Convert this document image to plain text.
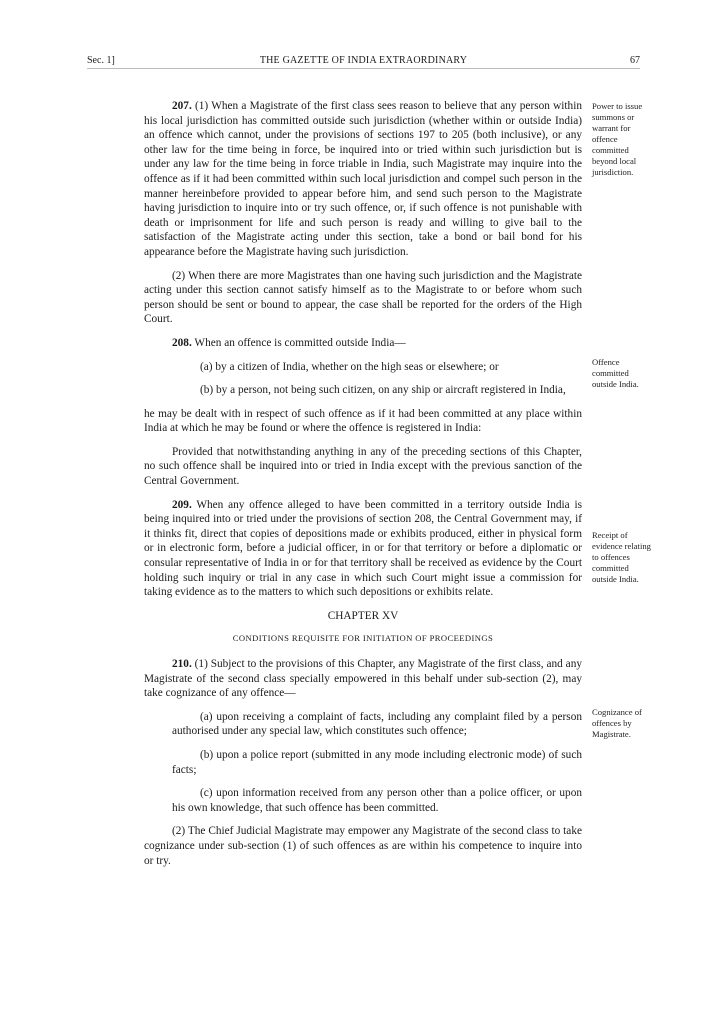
Sec. 1]	THE GAZETTE OF INDIA EXTRAORDINARY	67

207. (1) When a Magistrate of the first class sees reason to believe that any person within his local jurisdiction has committed outside such jurisdiction (whether within or outside India) an offence which cannot, under the provisions of sections 197 to 205 (both inclusive), or any other law for the time being in force, be inquired into or tried within such jurisdiction but is under any law for the time being in force triable in India, such Magistrate may inquire into the offence as if it had been committed within such local jurisdiction and compel such person in the manner hereinbefore provided to appear before him, and send such person to the Magistrate having jurisdiction to inquire into or try such offence, or, if such offence is not punishable with death or imprisonment for life and such person is ready and willing to give bail to the satisfaction of the Magistrate acting under this section, take a bond or bail bond for his appearance before the Magistrate having such jurisdiction.

(2) When there are more Magistrates than one having such jurisdiction and the Magistrate acting under this section cannot satisfy himself as to the Magistrate to or before whom such person should be sent or bound to appear, the case shall be reported for the orders of the High Court.

208. When an offence is committed outside India—

(a) by a citizen of India, whether on the high seas or elsewhere; or

(b) by a person, not being such citizen, on any ship or aircraft registered in India,

he may be dealt with in respect of such offence as if it had been committed at any place within India at which he may be found or where the offence is registered in India:

Provided that notwithstanding anything in any of the preceding sections of this Chapter, no such offence shall be inquired into or tried in India except with the previous sanction of the Central Government.

209. When any offence alleged to have been committed in a territory outside India is being inquired into or tried under the provisions of section 208, the Central Government may, if it thinks fit, direct that copies of depositions made or exhibits produced, either in physical form or in electronic form, before a judicial officer, in or for that territory or before a diplomatic or consular representative of India in or for that territory shall be received as evidence by the Court holding such inquiry or trial in any case in which such Court might issue a commission for taking evidence as to the matters to which such depositions or exhibits relate.

CHAPTER XV
CONDITIONS REQUISITE FOR INITIATION OF PROCEEDINGS

210. (1) Subject to the provisions of this Chapter, any Magistrate of the first class, and any Magistrate of the second class specially empowered in this behalf under sub-section (2), may take cognizance of any offence—

(a) upon receiving a complaint of facts, including any complaint filed by a person authorised under any special law, which constitutes such offence;

(b) upon a police report (submitted in any mode including electronic mode) of such facts;

(c) upon information received from any person other than a police officer, or upon his own knowledge, that such offence has been committed.

(2) The Chief Judicial Magistrate may empower any Magistrate of the second class to take cognizance under sub-section (1) of such offences as are within his competence to inquire into or try.

Power to issue summons or warrant for offence committed beyond local jurisdiction.
Offence committed outside India.
Receipt of evidence relating to offences committed outside India.
Cognizance of offences by Magistrate.
